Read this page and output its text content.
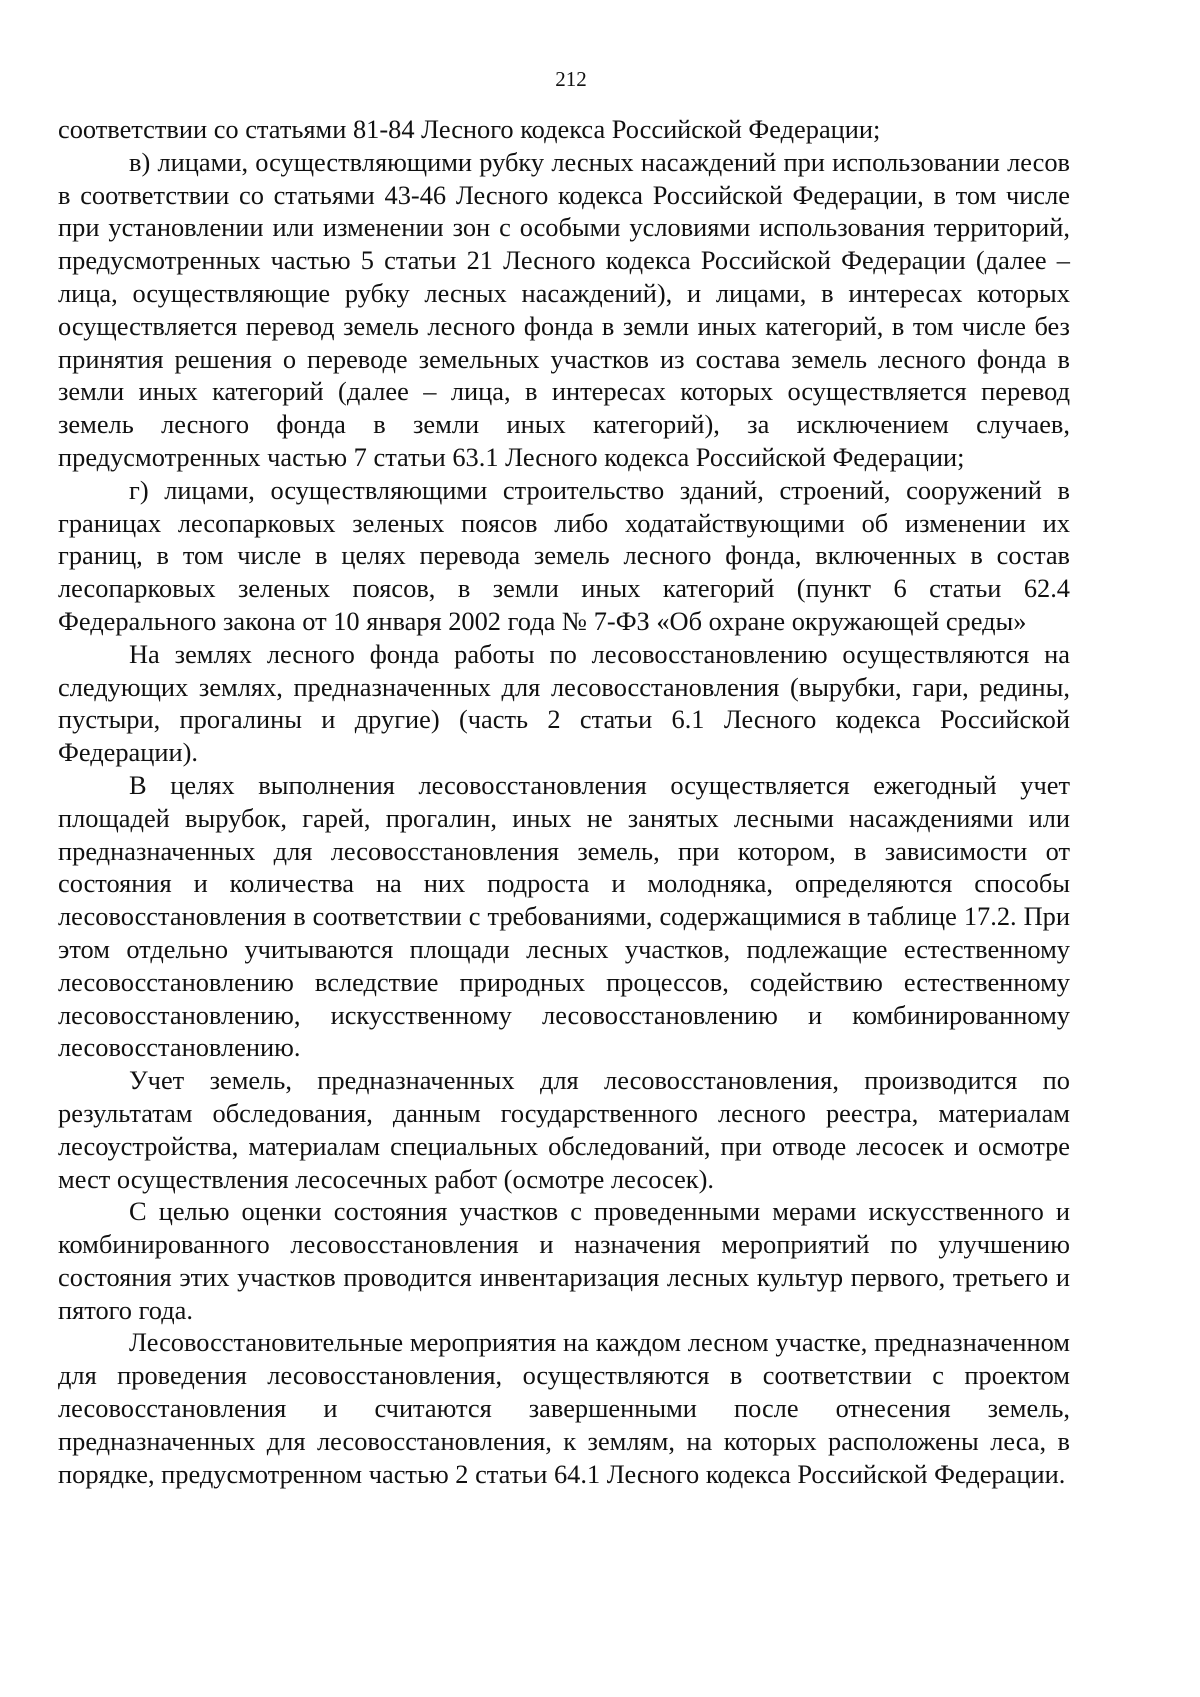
212

соответствии со статьями 81-84 Лесного кодекса Российской Федерации;

в) лицами, осуществляющими рубку лесных насаждений при использовании лесов в соответствии со статьями 43-46 Лесного кодекса Российской Федерации, в том числе при установлении или изменении зон с особыми условиями использования территорий, предусмотренных частью 5 статьи 21 Лесного кодекса Российской Федерации (далее – лица, осуществляющие рубку лесных насаждений), и лицами, в интересах которых осуществляется перевод земель лесного фонда в земли иных категорий, в том числе без принятия решения о переводе земельных участков из состава земель лесного фонда в земли иных категорий (далее – лица, в интересах которых осуществляется перевод земель лесного фонда в земли иных категорий), за исключением случаев, предусмотренных частью 7 статьи 63.1 Лесного кодекса Российской Федерации;

г) лицами, осуществляющими строительство зданий, строений, сооружений в границах лесопарковых зеленых поясов либо ходатайствующими об изменении их границ, в том числе в целях перевода земель лесного фонда, включенных в состав лесопарковых зеленых поясов, в земли иных категорий (пункт 6 статьи 62.4 Федерального закона от 10 января 2002 года № 7-ФЗ «Об охране окружающей среды»

На землях лесного фонда работы по лесовосстановлению осуществляются на следующих землях, предназначенных для лесовосстановления (вырубки, гари, редины, пустыри, прогалины и другие) (часть 2 статьи 6.1 Лесного кодекса Российской Федерации).

В целях выполнения лесовосстановления осуществляется ежегодный учет площадей вырубок, гарей, прогалин, иных не занятых лесными насаждениями или предназначенных для лесовосстановления земель, при котором, в зависимости от состояния и количества на них подроста и молодняка, определяются способы лесовосстановления в соответствии с требованиями, содержащимися в таблице 17.2. При этом отдельно учитываются площади лесных участков, подлежащие естественному лесовосстановлению вследствие природных процессов, содействию естественному лесовосстановлению, искусственному лесовосстановлению и комбинированному лесовосстановлению.

Учет земель, предназначенных для лесовосстановления, производится по результатам обследования, данным государственного лесного реестра, материалам лесоустройства, материалам специальных обследований, при отводе лесосек и осмотре мест осуществления лесосечных работ (осмотре лесосек).

С целью оценки состояния участков с проведенными мерами искусственного и комбинированного лесовосстановления и назначения мероприятий по улучшению состояния этих участков проводится инвентаризация лесных культур первого, третьего и пятого года.

Лесовосстановительные мероприятия на каждом лесном участке, предназначенном для проведения лесовосстановления, осуществляются в соответствии с проектом лесовосстановления и считаются завершенными после отнесения земель, предназначенных для лесовосстановления, к землям, на которых расположены леса, в порядке, предусмотренном частью 2 статьи 64.1 Лесного кодекса Российской Федерации.
